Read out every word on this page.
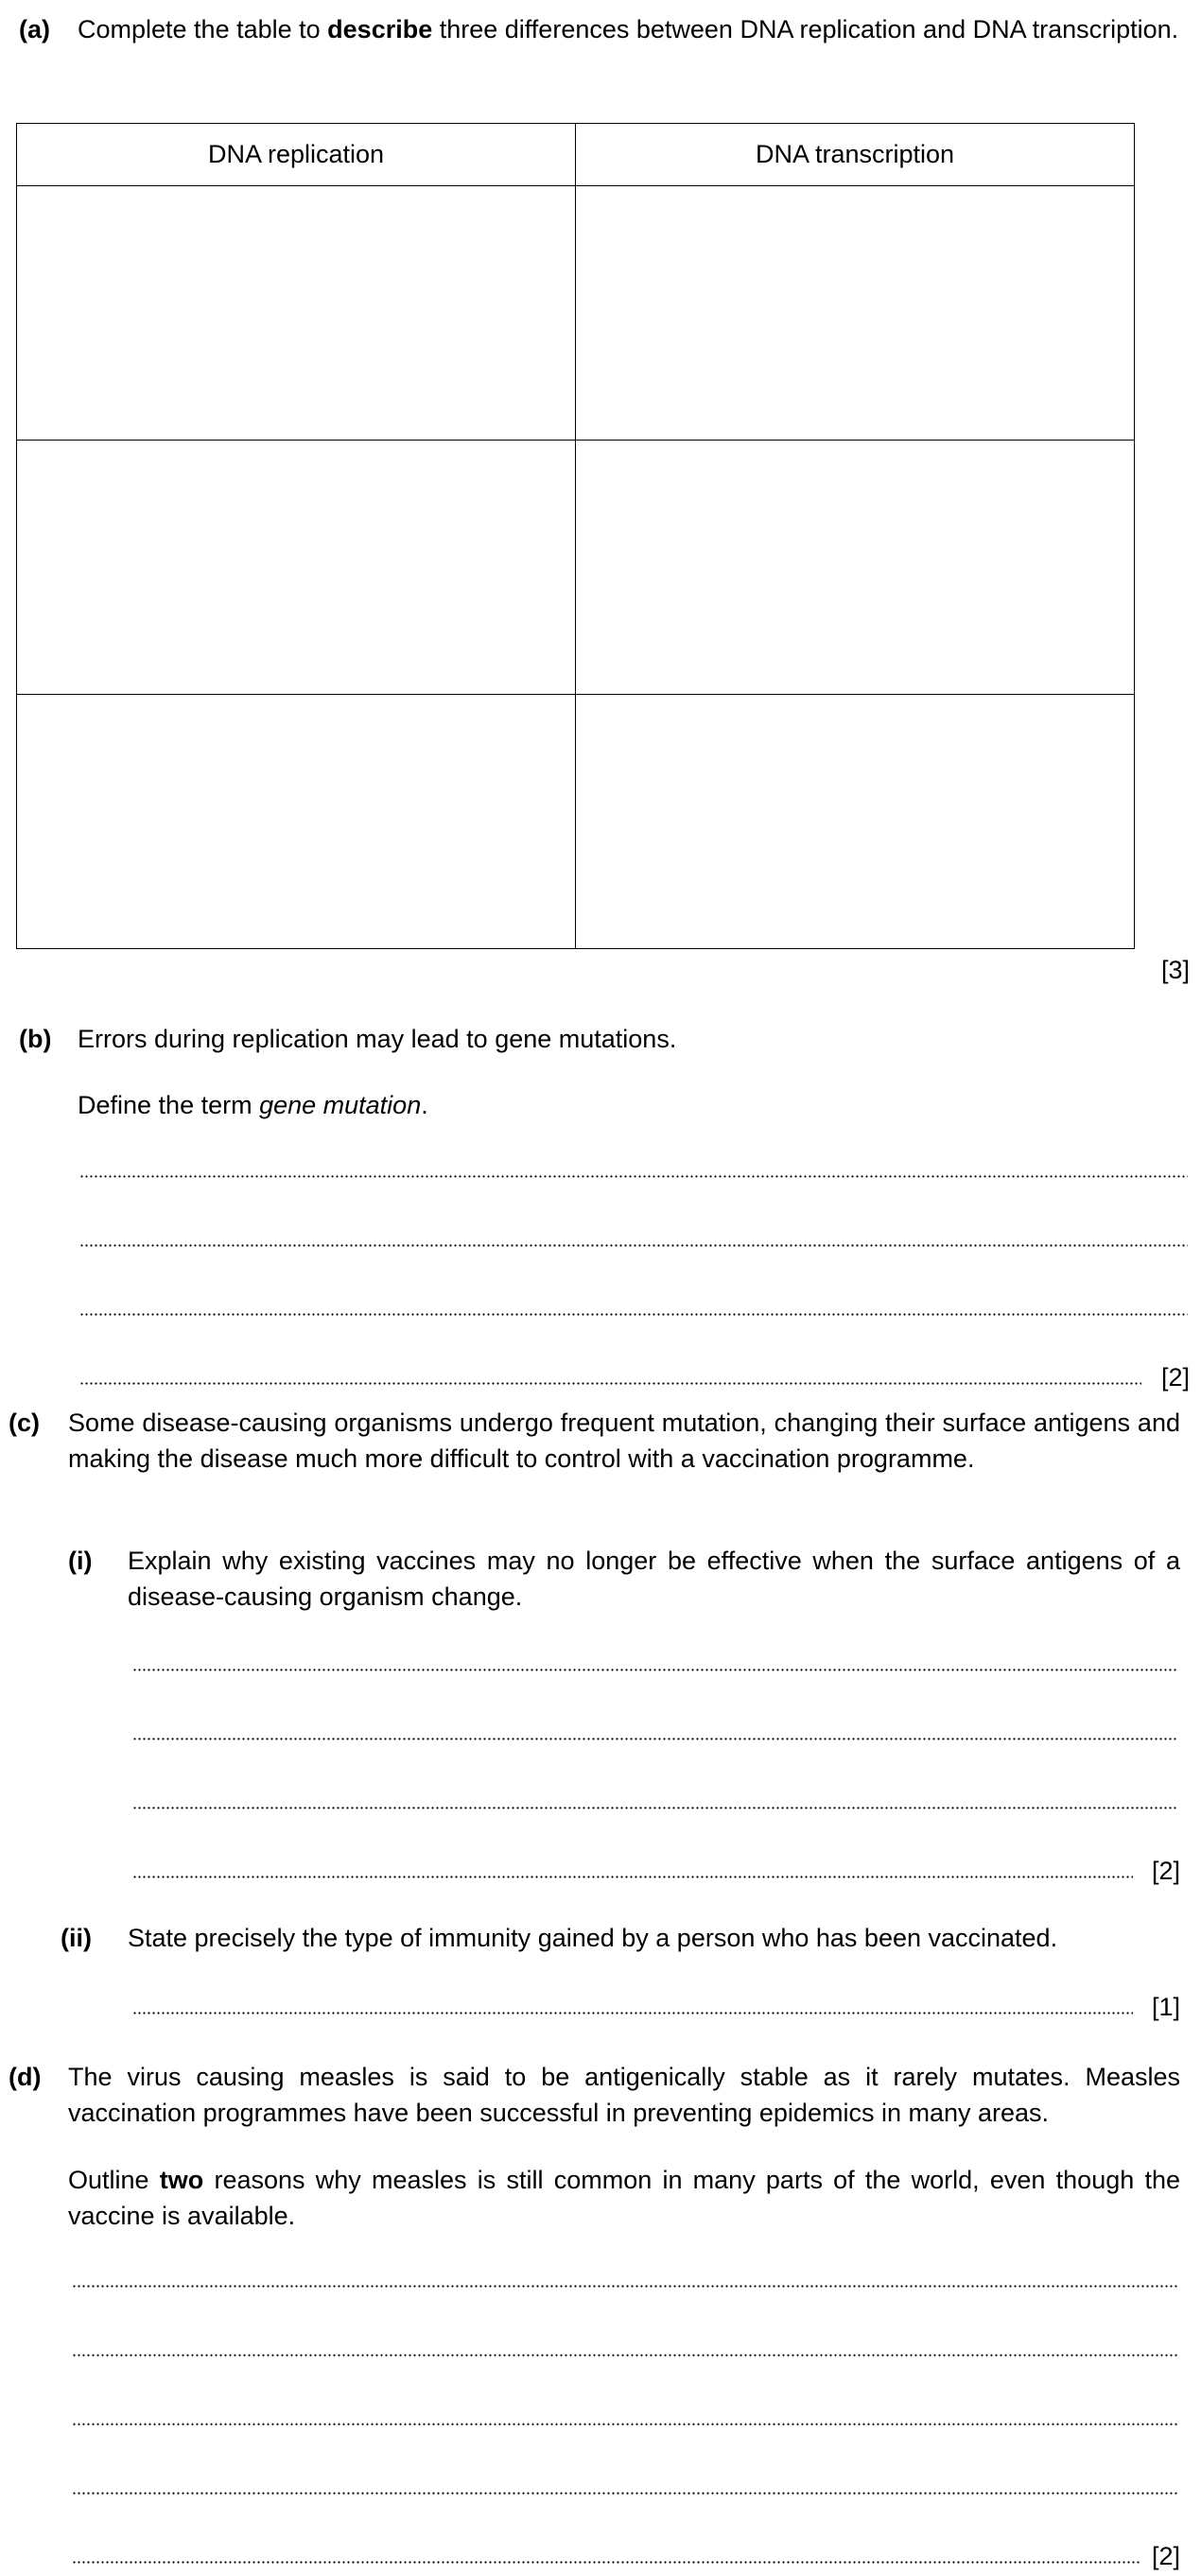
(a) Complete the table to describe three differences between DNA replication and DNA transcription.
DNA replication	DNA transcription

[3]
(b) Errors during replication may lead to gene mutations.
Define the term gene mutation.
[2]
(c) Some disease-causing organisms undergo frequent mutation, changing their surface antigens and making the disease much more difficult to control with a vaccination programme.
(i) Explain why existing vaccines may no longer be effective when the surface antigens of a disease-causing organism change.
[2]
(ii) State precisely the type of immunity gained by a person who has been vaccinated.
[1]
(d) The virus causing measles is said to be antigenically stable as it rarely mutates. Measles vaccination programmes have been successful in preventing epidemics in many areas.
Outline two reasons why measles is still common in many parts of the world, even though the vaccine is available.
[2]
